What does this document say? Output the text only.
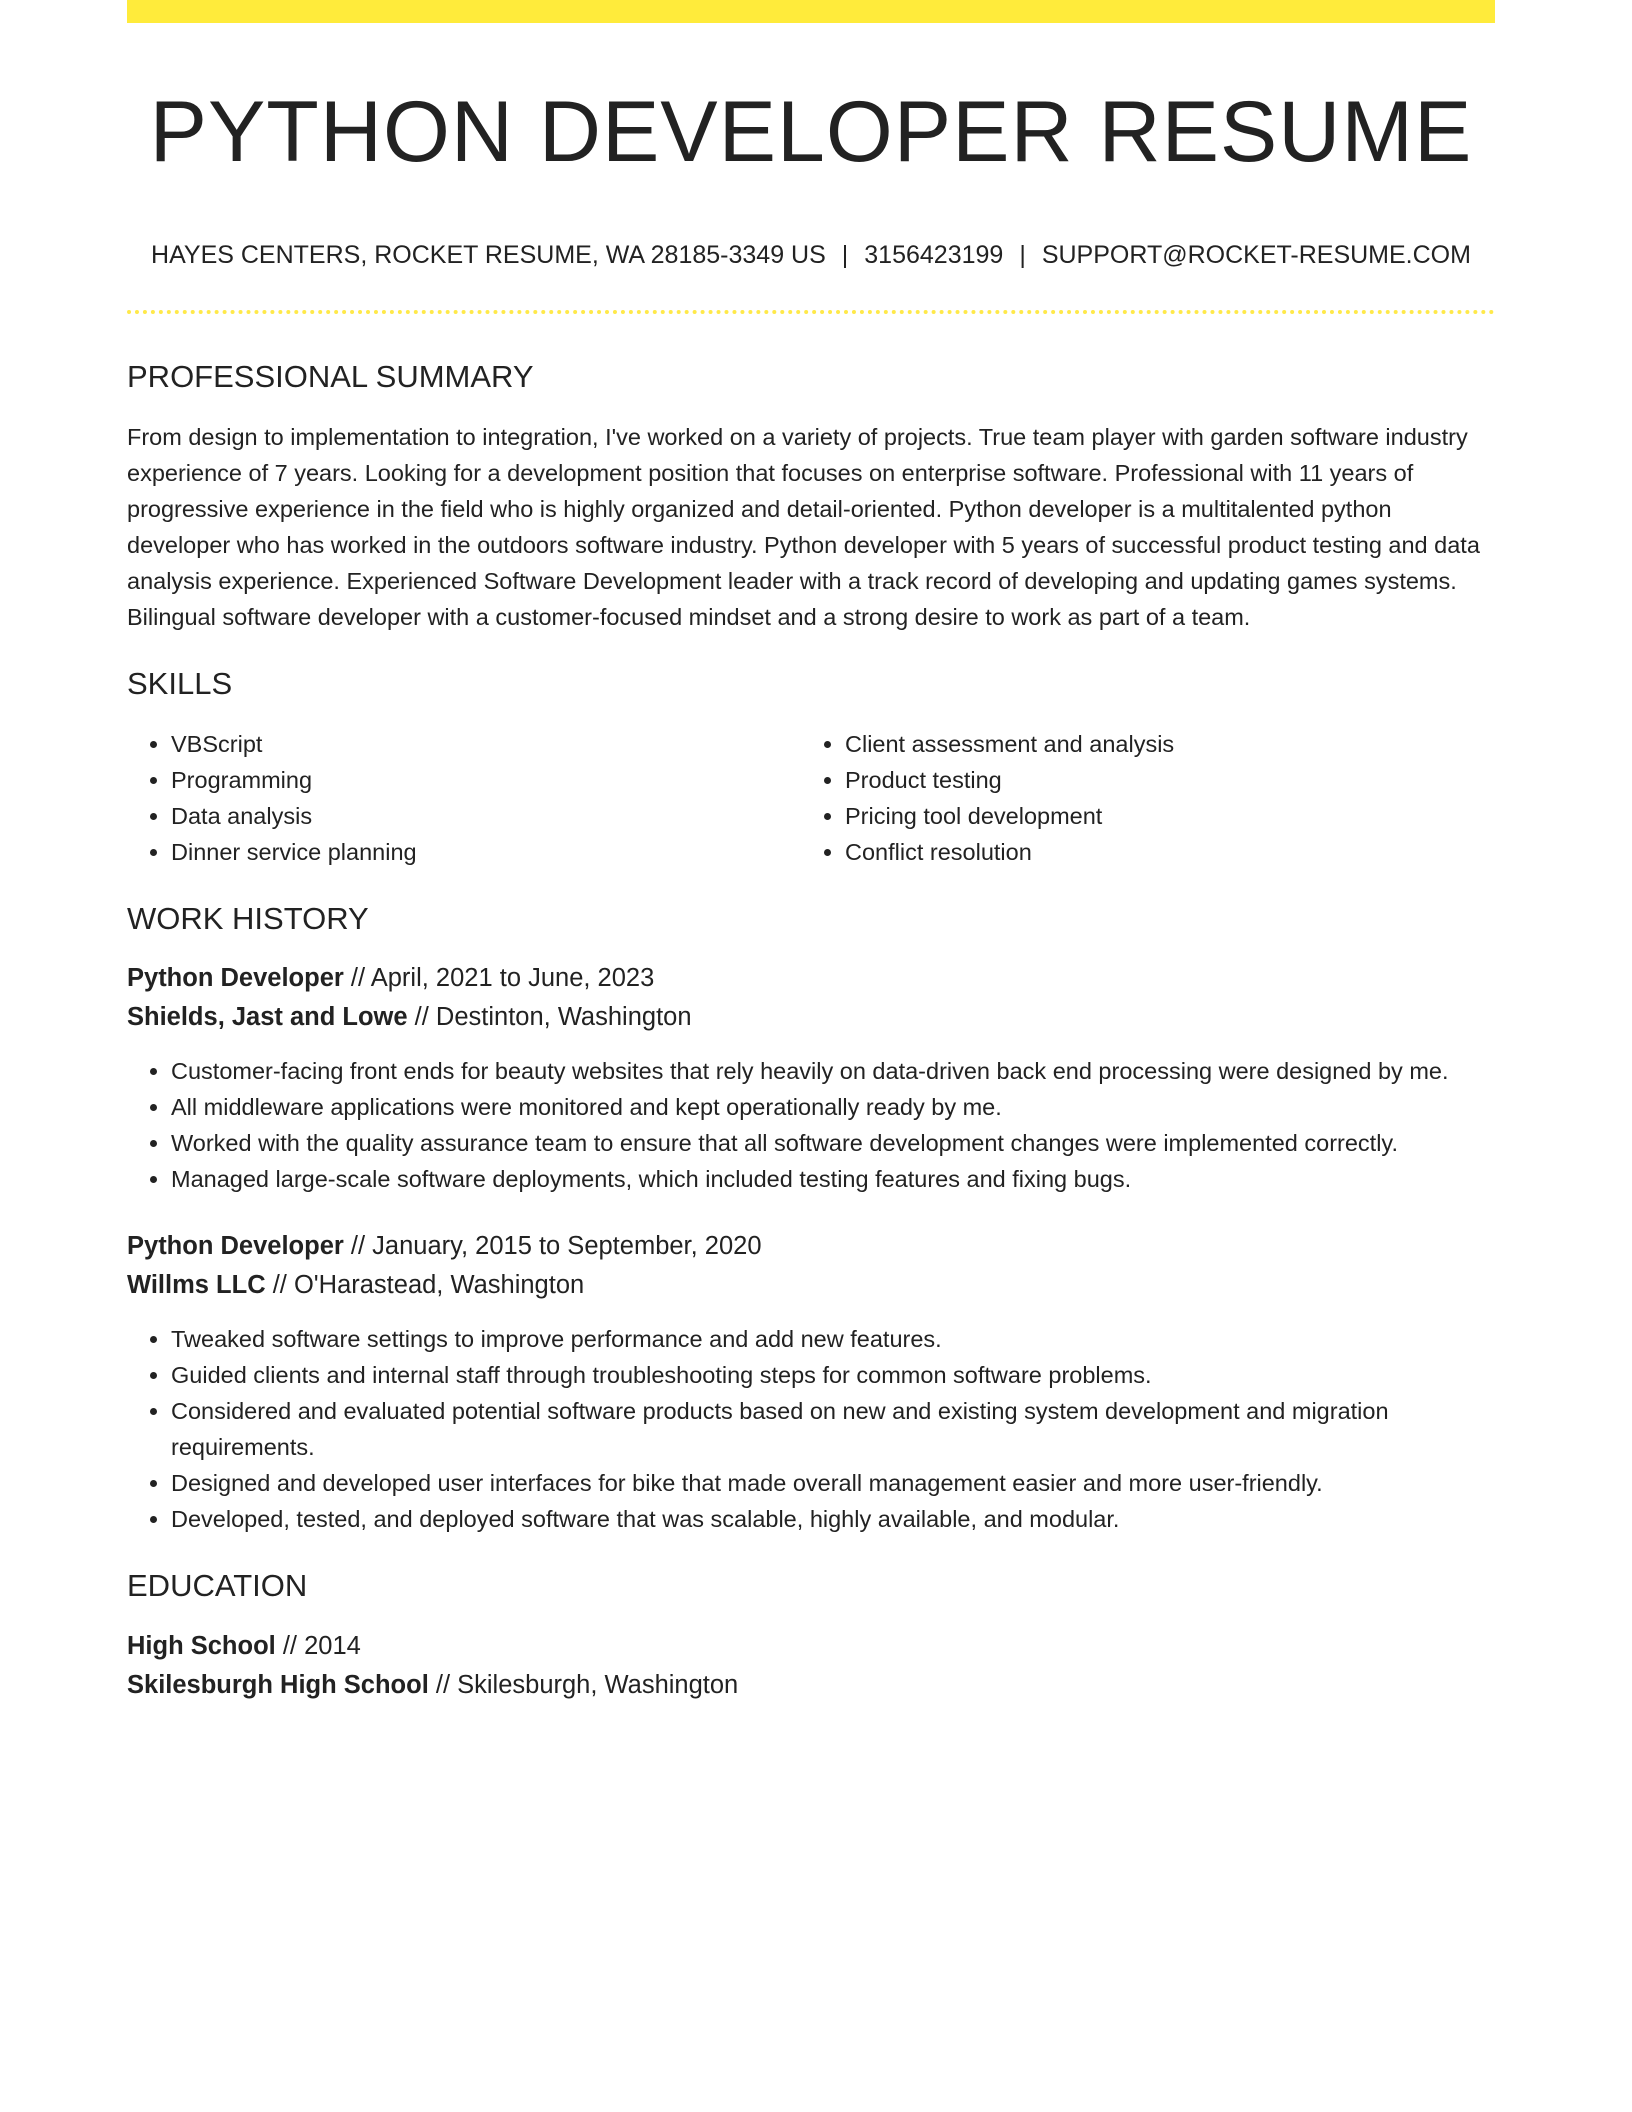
PYTHON DEVELOPER RESUME
HAYES CENTERS, ROCKET RESUME, WA 28185-3349 US | 3156423199 | SUPPORT@ROCKET-RESUME.COM
PROFESSIONAL SUMMARY

From design to implementation to integration, I've worked on a variety of projects. True team player with garden software industry experience of 7 years. Looking for a development position that focuses on enterprise software. Professional with 11 years of progressive experience in the field who is highly organized and detail-oriented. Python developer is a multitalented python developer who has worked in the outdoors software industry. Python developer with 5 years of successful product testing and data analysis experience. Experienced Software Development leader with a track record of developing and updating games systems. Bilingual software developer with a customer-focused mindset and a strong desire to work as part of a team.

SKILLS
• VBScript
• Programming
• Data analysis
• Dinner service planning
• Client assessment and analysis
• Product testing
• Pricing tool development
• Conflict resolution
WORK HISTORY
Python Developer // April, 2021 to June, 2023
Shields, Jast and Lowe // Destinton, Washington
• Customer-facing front ends for beauty websites that rely heavily on data-driven back end processing were designed by me.
• All middleware applications were monitored and kept operationally ready by me.
• Worked with the quality assurance team to ensure that all software development changes were implemented correctly.
• Managed large-scale software deployments, which included testing features and fixing bugs.
Python Developer // January, 2015 to September, 2020
Willms LLC // O'Harastead, Washington
• Tweaked software settings to improve performance and add new features.
• Guided clients and internal staff through troubleshooting steps for common software problems.
• Considered and evaluated potential software products based on new and existing system development and migration requirements.
• Designed and developed user interfaces for bike that made overall management easier and more user-friendly.
• Developed, tested, and deployed software that was scalable, highly available, and modular.
EDUCATION
High School // 2014
Skilesburgh High School // Skilesburgh, Washington
